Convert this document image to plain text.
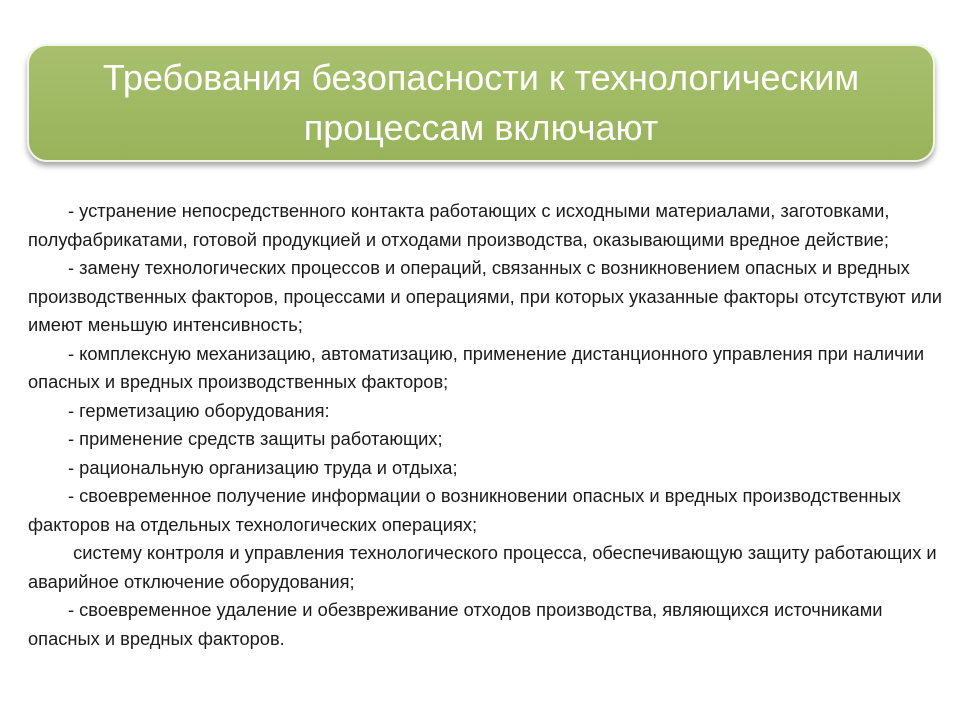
Требования безопасности к технологическим
процессам включают

- устранение непосредственного контакта работающих с исходными материалами, заготовками, полуфабрикатами, готовой продукцией и отходами производства, оказывающими вредное действие;

- замену технологических процессов и операций, связанных с возникновением опасных и вредных производственных факторов, процессами и операциями, при которых указанные факторы отсутствуют или имеют меньшую интенсивность;

- комплексную механизацию, автоматизацию, применение дистанционного управления при наличии опасных и вредных производственных факторов;

- герметизацию оборудования:

- применение средств защиты работающих;

- рациональную организацию труда и отдыха;

- своевременное получение информации о возникновении опасных и вредных производственных факторов на отдельных технологических операциях;

систему контроля и управления технологического процесса, обеспечивающую защиту работающих и аварийное отключение оборудования;

- своевременное удаление и обезвреживание отходов производства, являющихся источниками опасных и вредных факторов.
